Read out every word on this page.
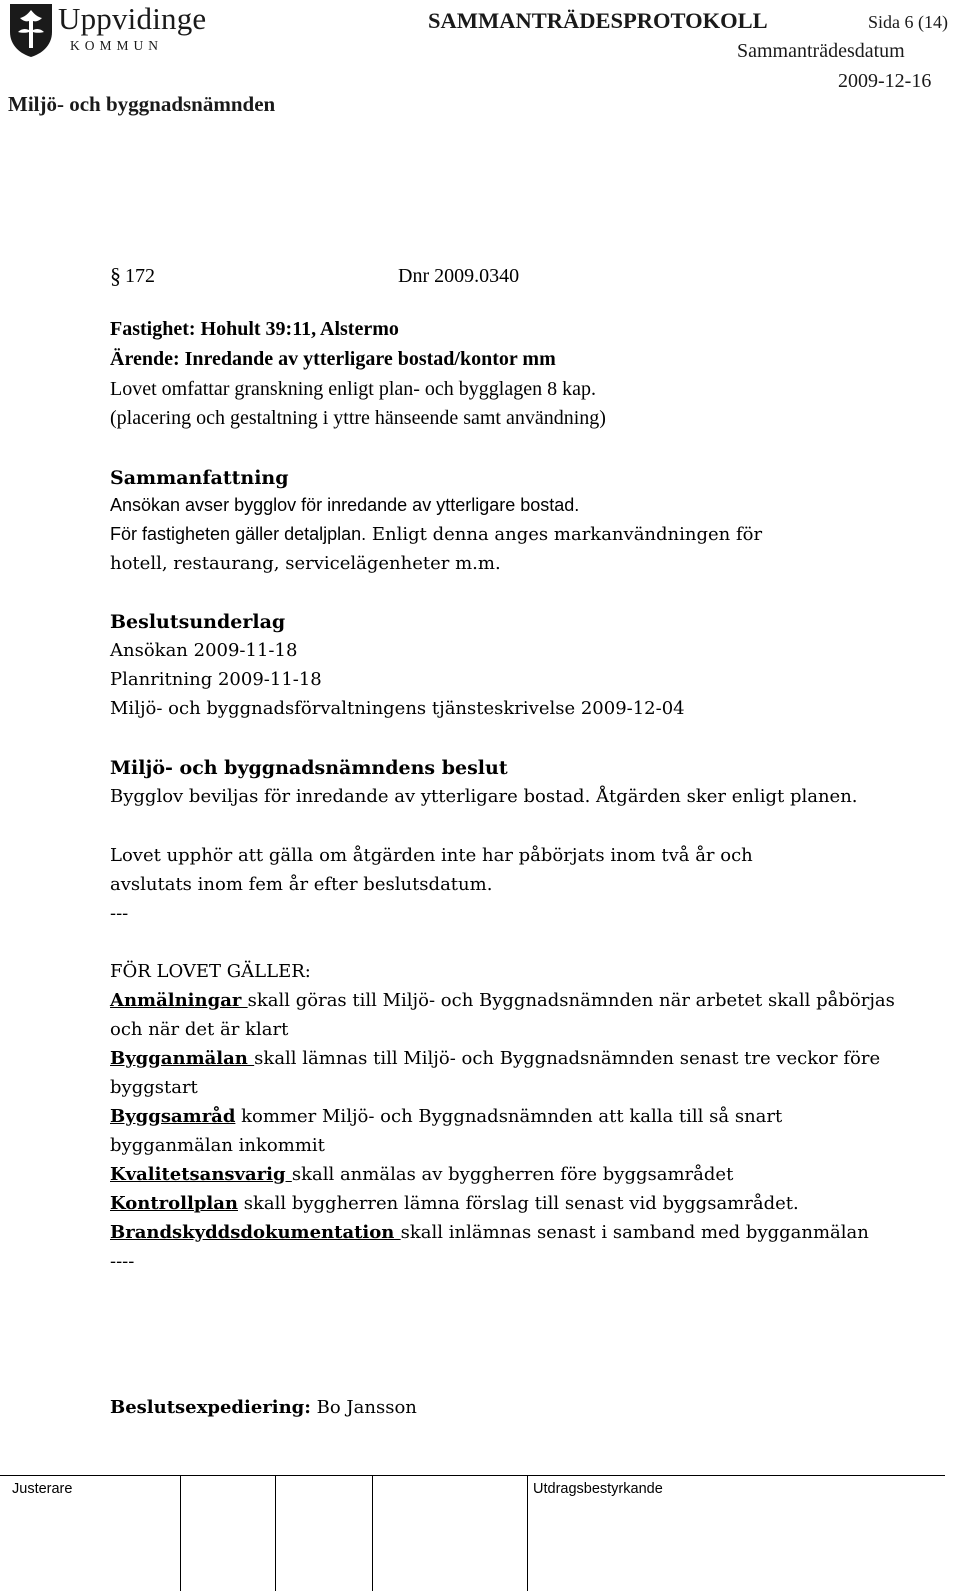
Uppvidinge
KOMMUN
SAMMANTRÄDESPROTOKOLL	Sida 6 (14)
Sammanträdesdatum
2009-12-16
Miljö- och byggnadsnämnden
§ 172	Dnr 2009.0340
Fastighet: Hohult 39:11, Alstermo
Ärende: Inredande av ytterligare bostad/kontor mm
Lovet omfattar granskning enligt plan- och bygglagen 8 kap.
(placering och gestaltning i yttre hänseende samt användning)
Sammanfattning
Ansökan avser bygglov för inredande av ytterligare bostad.
För fastigheten gäller detaljplan. Enligt denna anges markanvändningen för
hotell, restaurang, servicelägenheter m.m.
Beslutsunderlag
Ansökan 2009-11-18
Planritning 2009-11-18
Miljö- och byggnadsförvaltningens tjänsteskrivelse 2009-12-04
Miljö- och byggnadsnämndens beslut
Bygglov beviljas för inredande av ytterligare bostad. Åtgärden sker enligt planen.
Lovet upphör att gälla om åtgärden inte har påbörjats inom två år och
avslutats inom fem år efter beslutsdatum.
---
FÖR LOVET GÄLLER:
Anmälningar skall göras till Miljö- och Byggnadsnämnden när arbetet skall påbörjas
och när det är klart
Bygganmälan skall lämnas till Miljö- och Byggnadsnämnden senast tre veckor före
byggstart
Byggsamråd kommer Miljö- och Byggnadsnämnden att kalla till så snart
bygganmälan inkommit
Kvalitetsansvarig skall anmälas av byggherren före byggsamrådet
Kontrollplan skall byggherren lämna förslag till senast vid byggsamrådet.
Brandskyddsdokumentation skall inlämnas senast i samband med bygganmälan
----
Beslutsexpediering: Bo Jansson
Justerare	Utdragsbestyrkande
